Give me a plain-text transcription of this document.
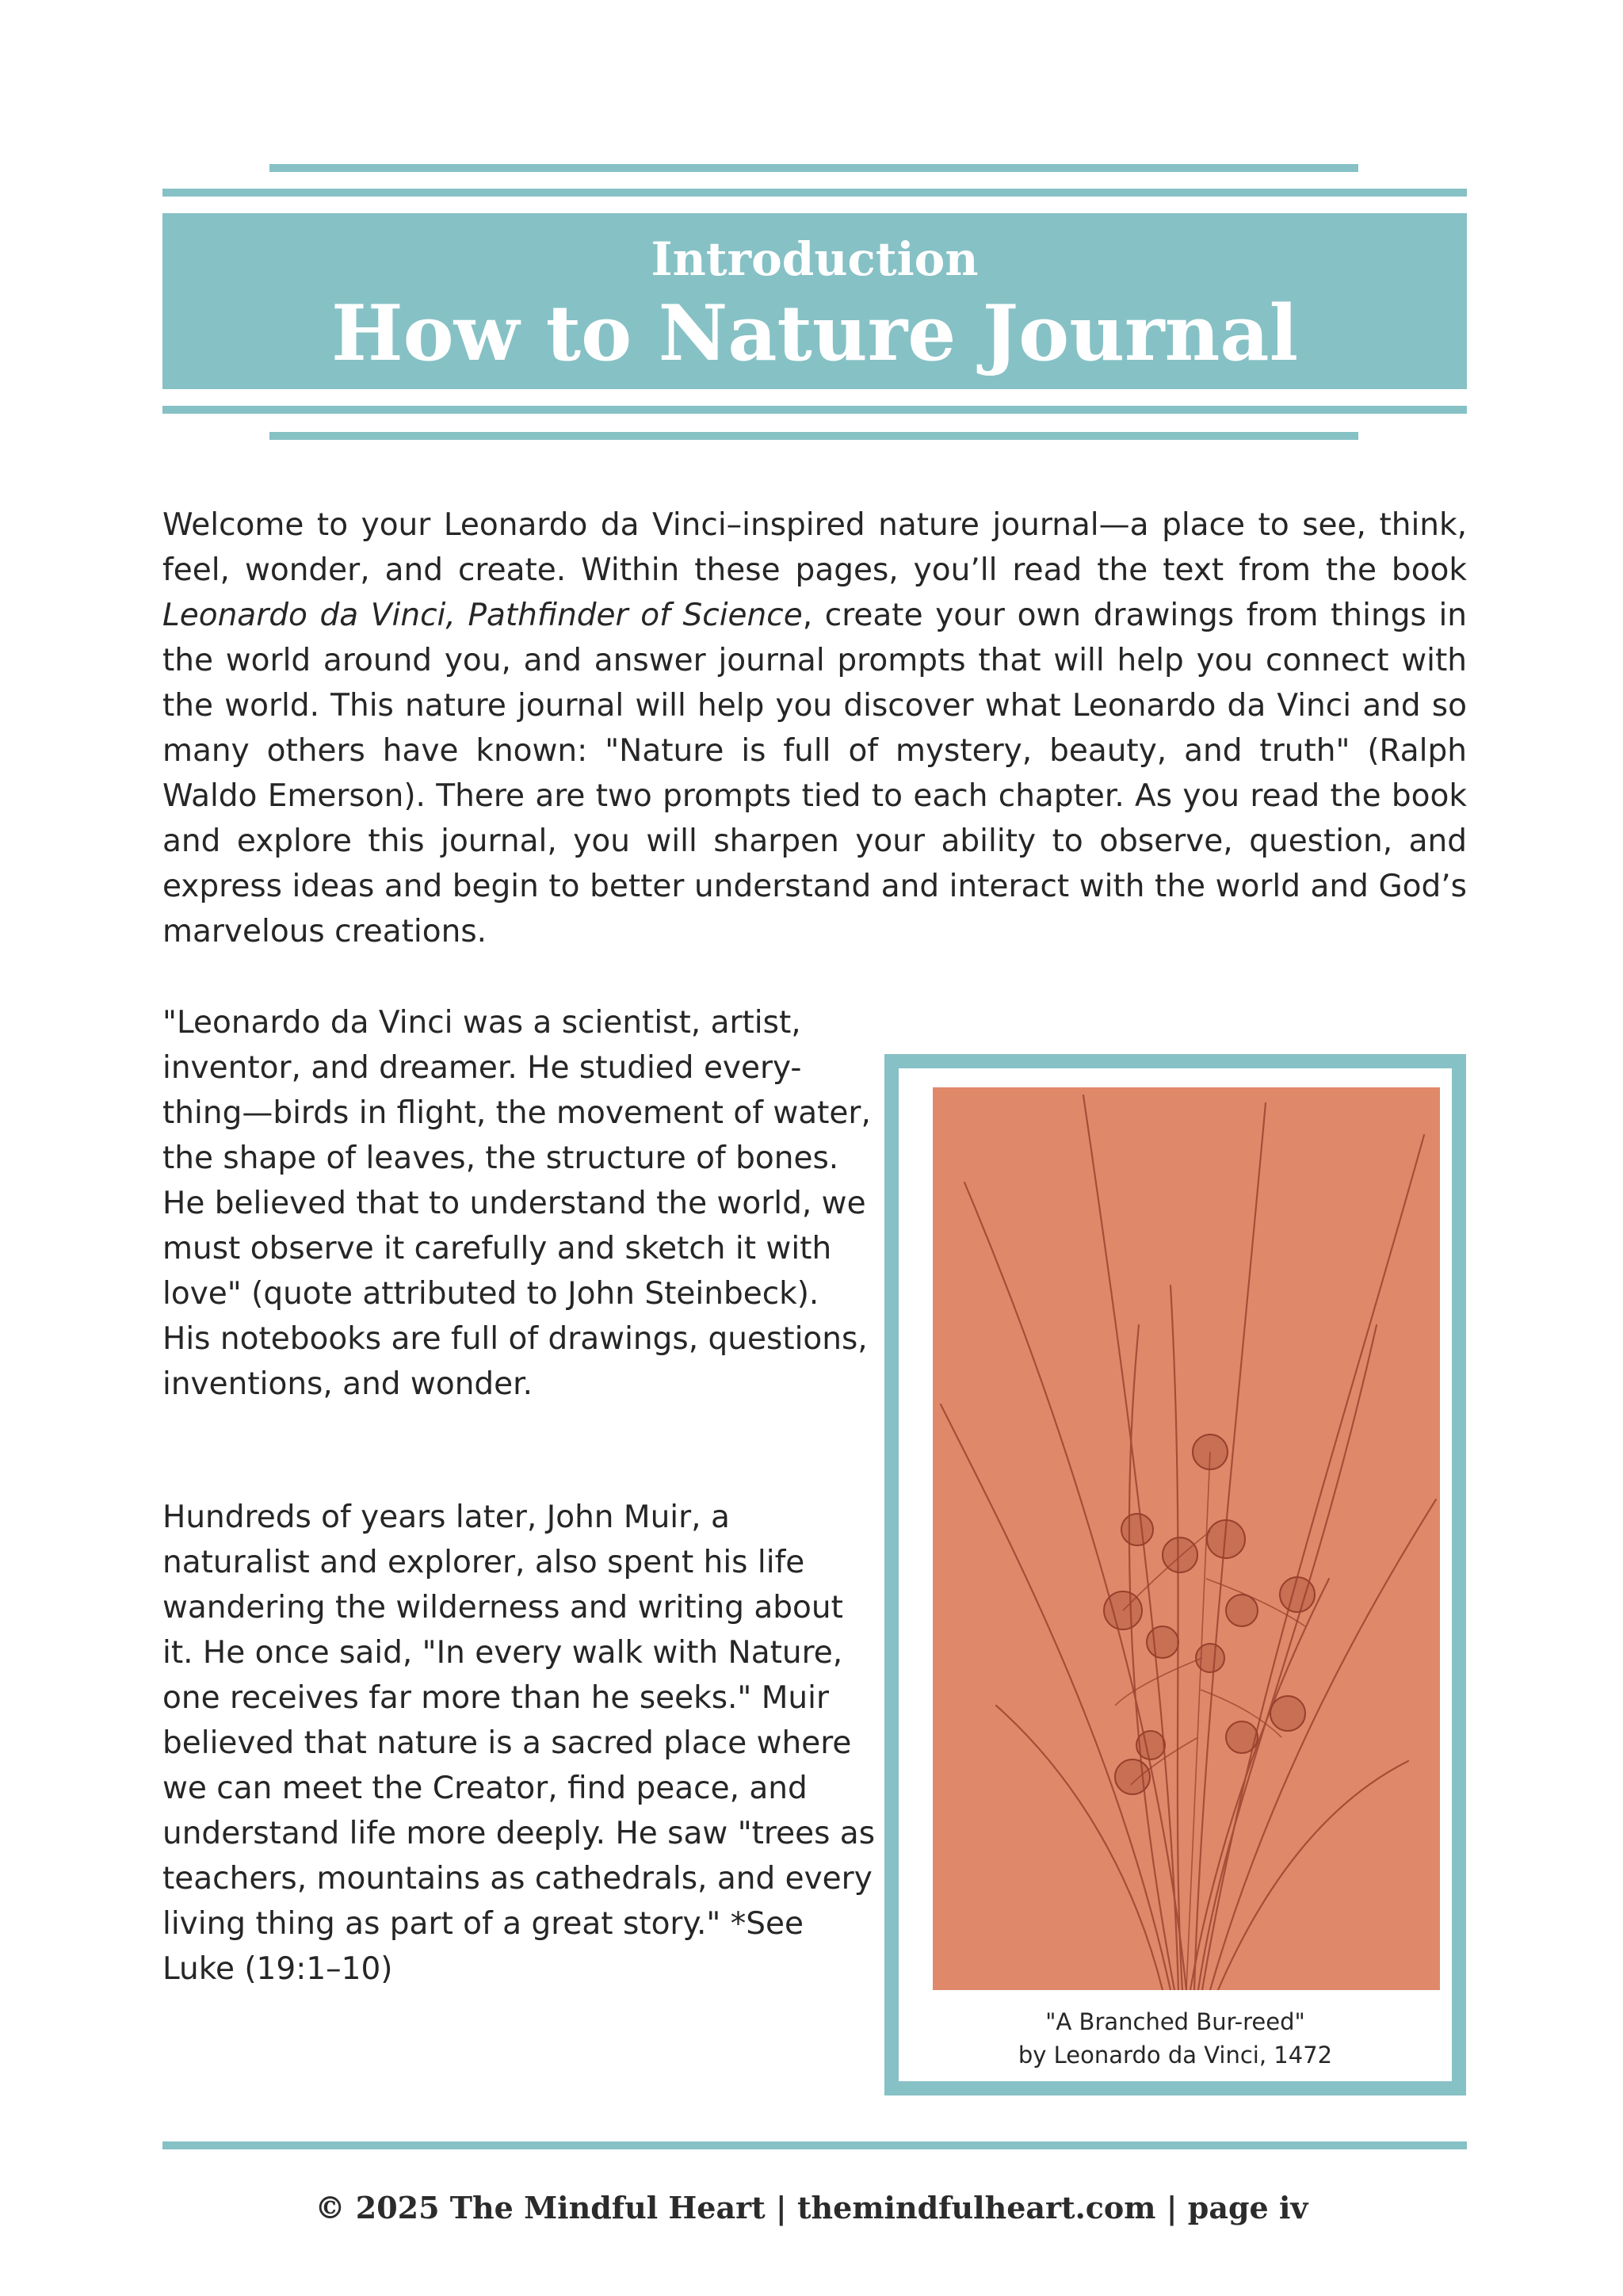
Introduction
How to Nature Journal

Welcome to your Leonardo da Vinci–inspired nature journal—a place to see, think, feel, wonder, and create. Within these pages, you’ll read the text from the book Leonardo da Vinci, Pathfinder of Science, create your own drawings from things in the world around you, and answer journal prompts that will help you connect with the world. This nature journal will help you discover what Leonardo da Vinci and so many others have known: "Nature is full of mystery, beauty, and truth" (Ralph Waldo Emerson). There are two prompts tied to each chapter. As you read the book and explore this journal, you will sharpen your ability to observe, question, and express ideas and begin to better understand and interact with the world and God’s marvelous creations.

"Leonardo da Vinci was a scientist, artist, inventor, and dreamer. He studied every-thing—birds in flight, the movement of water, the shape of leaves, the structure of bones. He believed that to understand the world, we must observe it carefully and sketch it with love" (quote attributed to John Steinbeck). His notebooks are full of drawings, questions, inventions, and wonder.

Hundreds of years later, John Muir, a naturalist and explorer, also spent his life wandering the wilderness and writing about it. He once said, "In every walk with Nature, one receives far more than he seeks." Muir believed that nature is a sacred place where we can meet the Creator, find peace, and understand life more deeply. He saw "trees as teachers, mountains as cathedrals, and every living thing as part of a great story." *See Luke (19:1–10)

"A Branched Bur-reed"
by Leonardo da Vinci, 1472
© 2025 The Mindful Heart | themindfulheart.com | page iv
